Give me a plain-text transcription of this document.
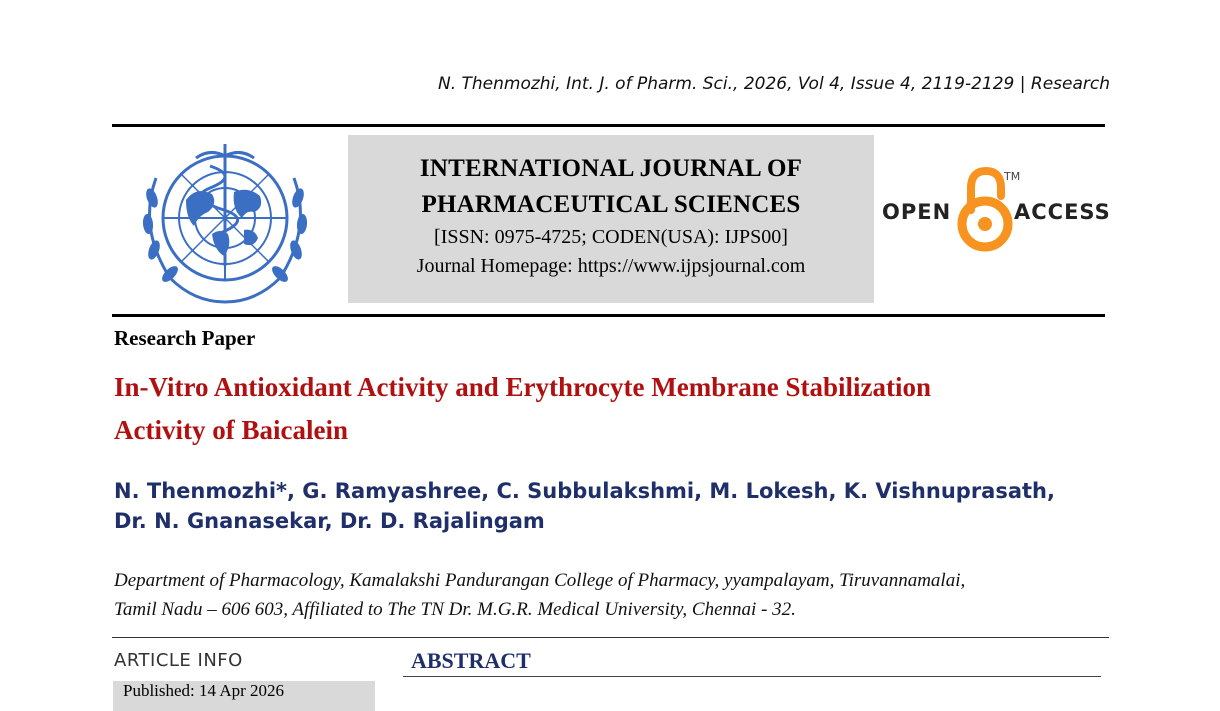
N. Thenmozhi, Int. J. of Pharm. Sci., 2026, Vol 4, Issue 4, 2119-2129 | Research
INTERNATIONAL JOURNAL OF
PHARMACEUTICAL SCIENCES
[ISSN: 0975-4725; CODEN(USA): IJPS00]
Journal Homepage: https://www.ijpsjournal.com
OPEN
TM
ACCESS
Research Paper
In-Vitro Antioxidant Activity and Erythrocyte Membrane Stabilization
Activity of Baicalein
N. Thenmozhi*, G. Ramyashree, C. Subbulakshmi, M. Lokesh, K. Vishnuprasath,
Dr. N. Gnanasekar, Dr. D. Rajalingam
Department of Pharmacology, Kamalakshi Pandurangan College of Pharmacy, yyampalayam, Tiruvannamalai,
Tamil Nadu – 606 603, Affiliated to The TN Dr. M.G.R. Medical University, Chennai - 32.
ARTICLE INFO	ABSTRACT
Published: 14 Apr 2026
